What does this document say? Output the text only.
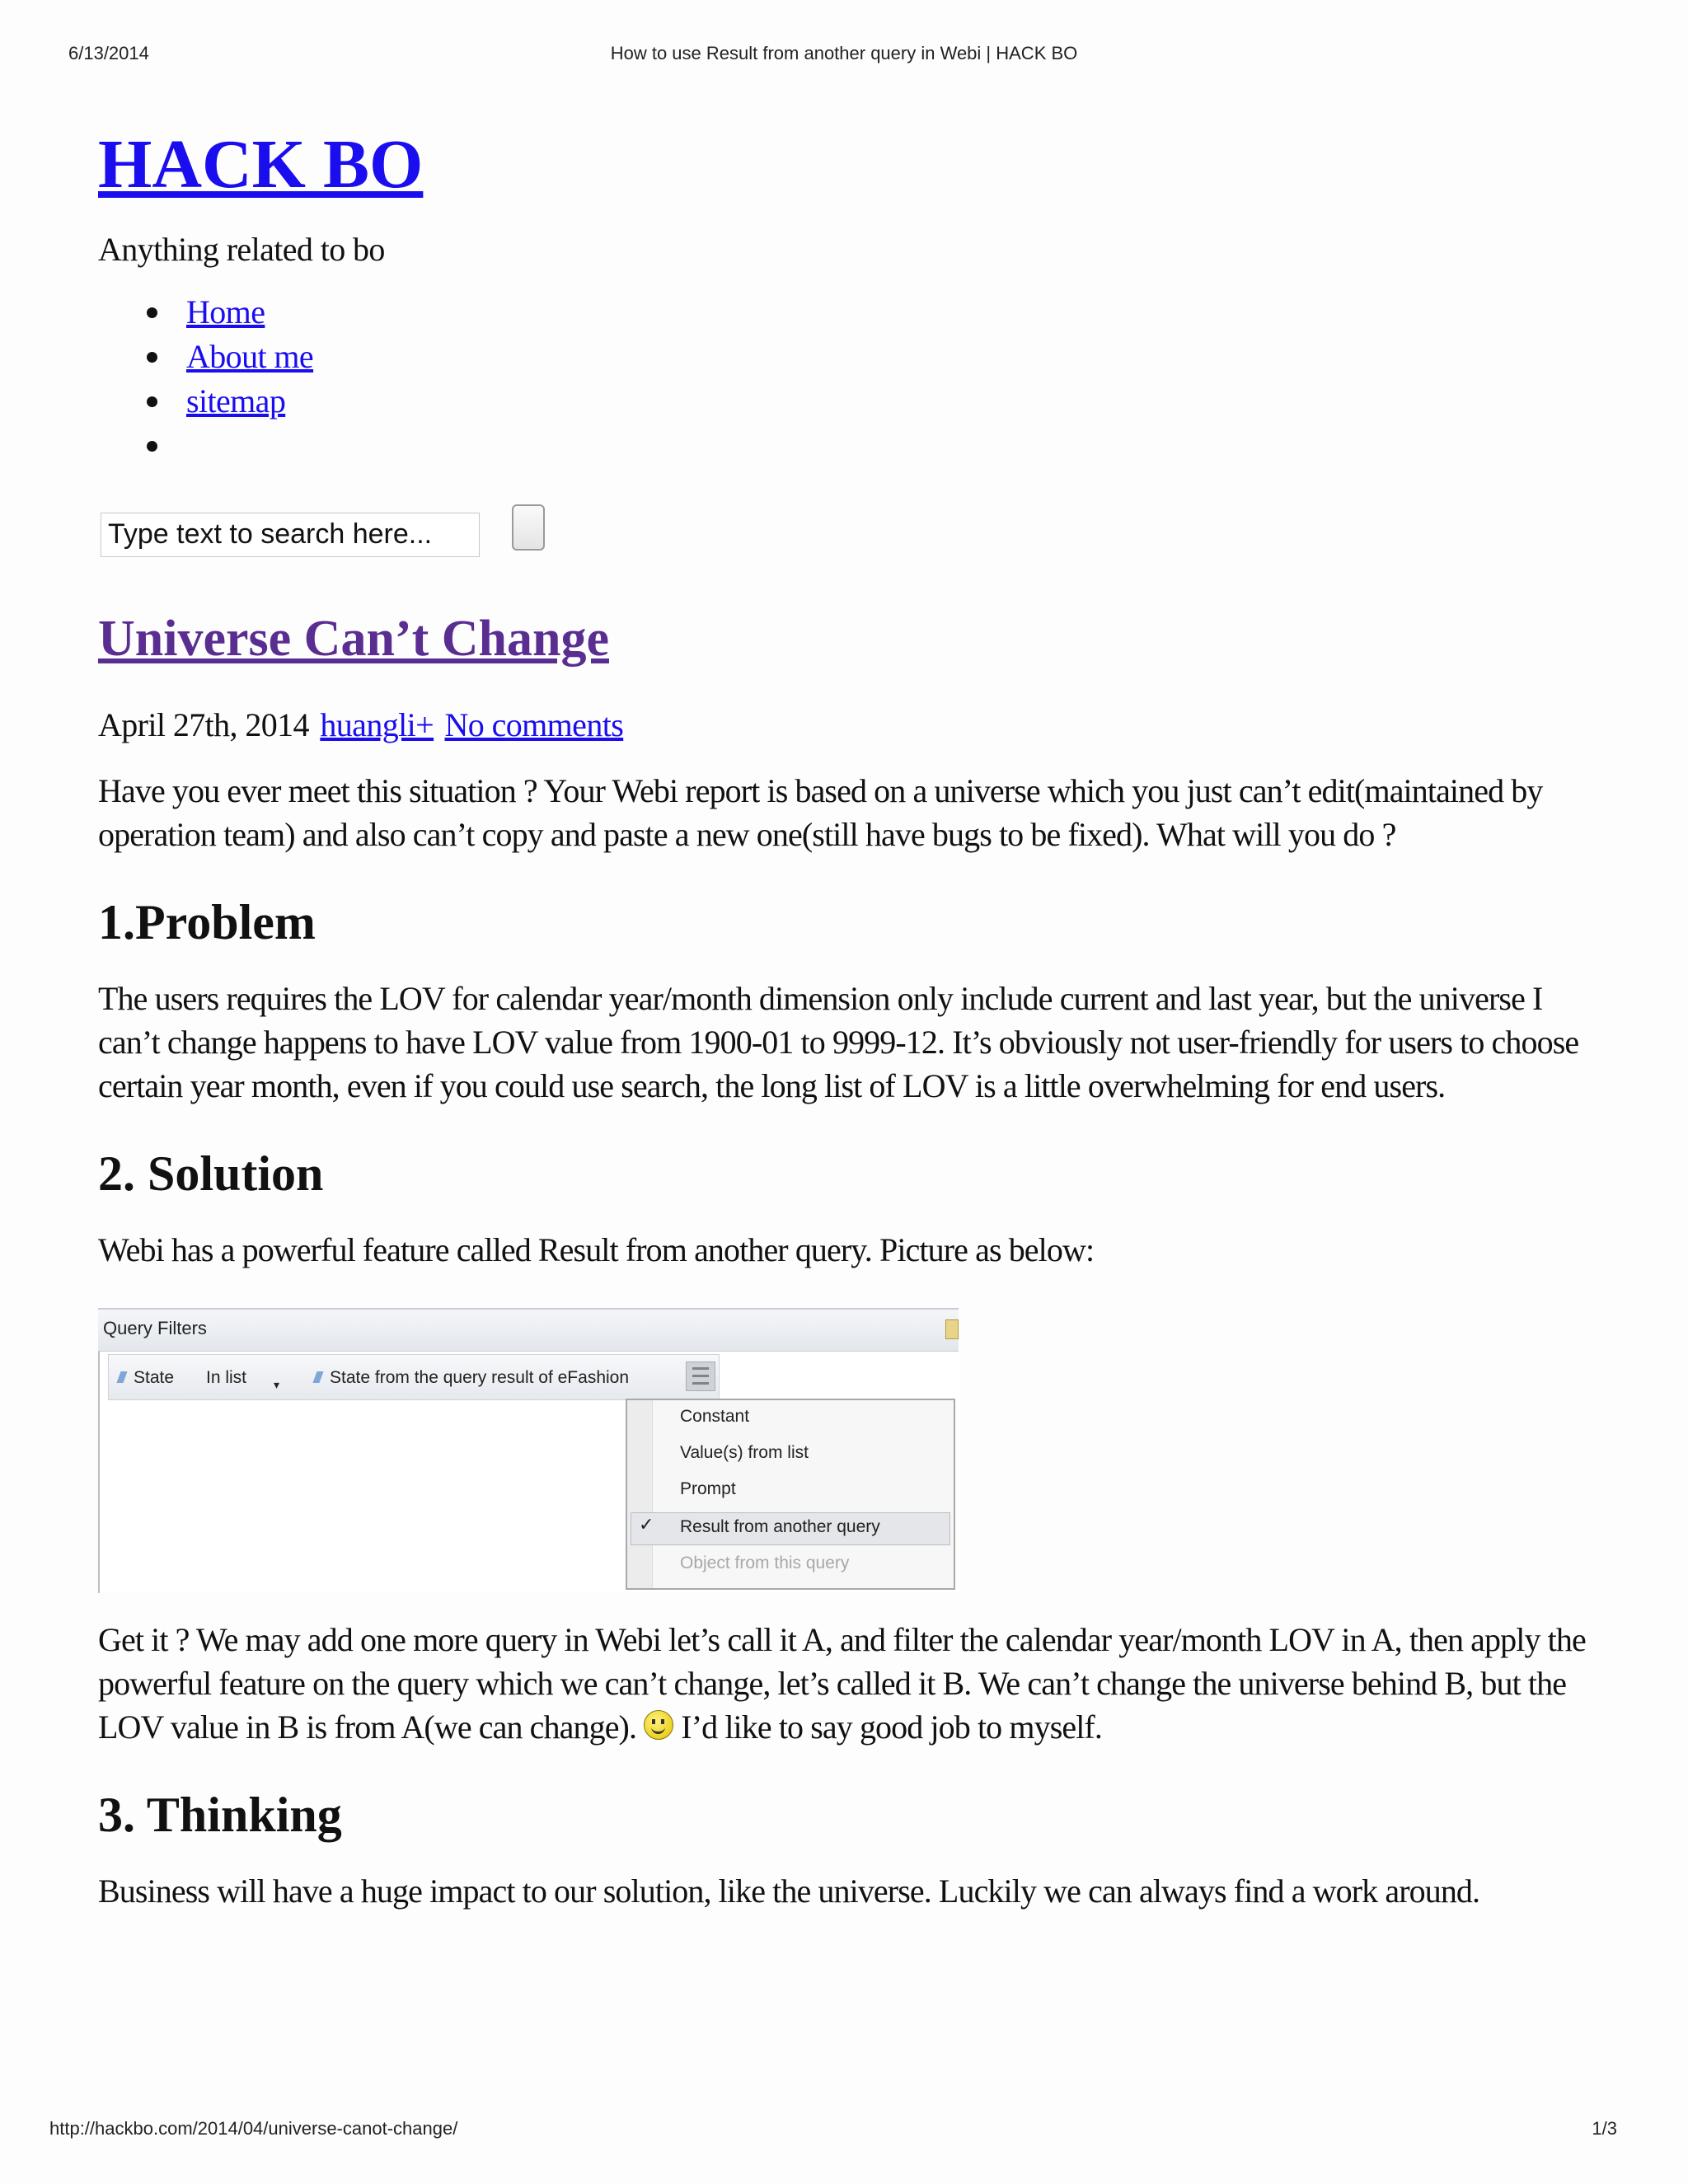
6/13/2014	How to use Result from another query in Webi | HACK BO
HACK BO

Anything related to bo

Home
About me
sitemap
Type text to search here...
Universe Can’t Change

April 27th, 2014 huangli+ No comments

Have you ever meet this situation ? Your Webi report is based on a universe which you just can’t edit(maintained by operation team) and also can’t copy and paste a new one(still have bugs to be fixed). What will you do ?

1.Problem

The users requires the LOV for calendar year/month dimension only include current and last year, but the universe I can’t change happens to have LOV value from 1900-01 to 9999-12. It’s obviously not user-friendly for users to choose certain year month, even if you could use search, the long list of LOV is a little overwhelming for end users.

2. Solution

Webi has a powerful feature called Result from another query. Picture as below:

Query Filters
State In list ▾	State from the query result of eFashion
✓
Constant
Value(s) from list
Prompt
Result from another query
Object from this query

Get it ? We may add one more query in Webi let’s call it A, and filter the calendar year/month LOV in A, then apply the powerful feature on the query which we can’t change, let’s called it B. We can’t change the universe behind B, but the LOV value in B is from A(we can change). I’d like to say good job to myself.

3. Thinking

Business will have a huge impact to our solution, like the universe. Luckily we can always find a work around.

http://hackbo.com/2014/04/universe-canot-change/	1/3
